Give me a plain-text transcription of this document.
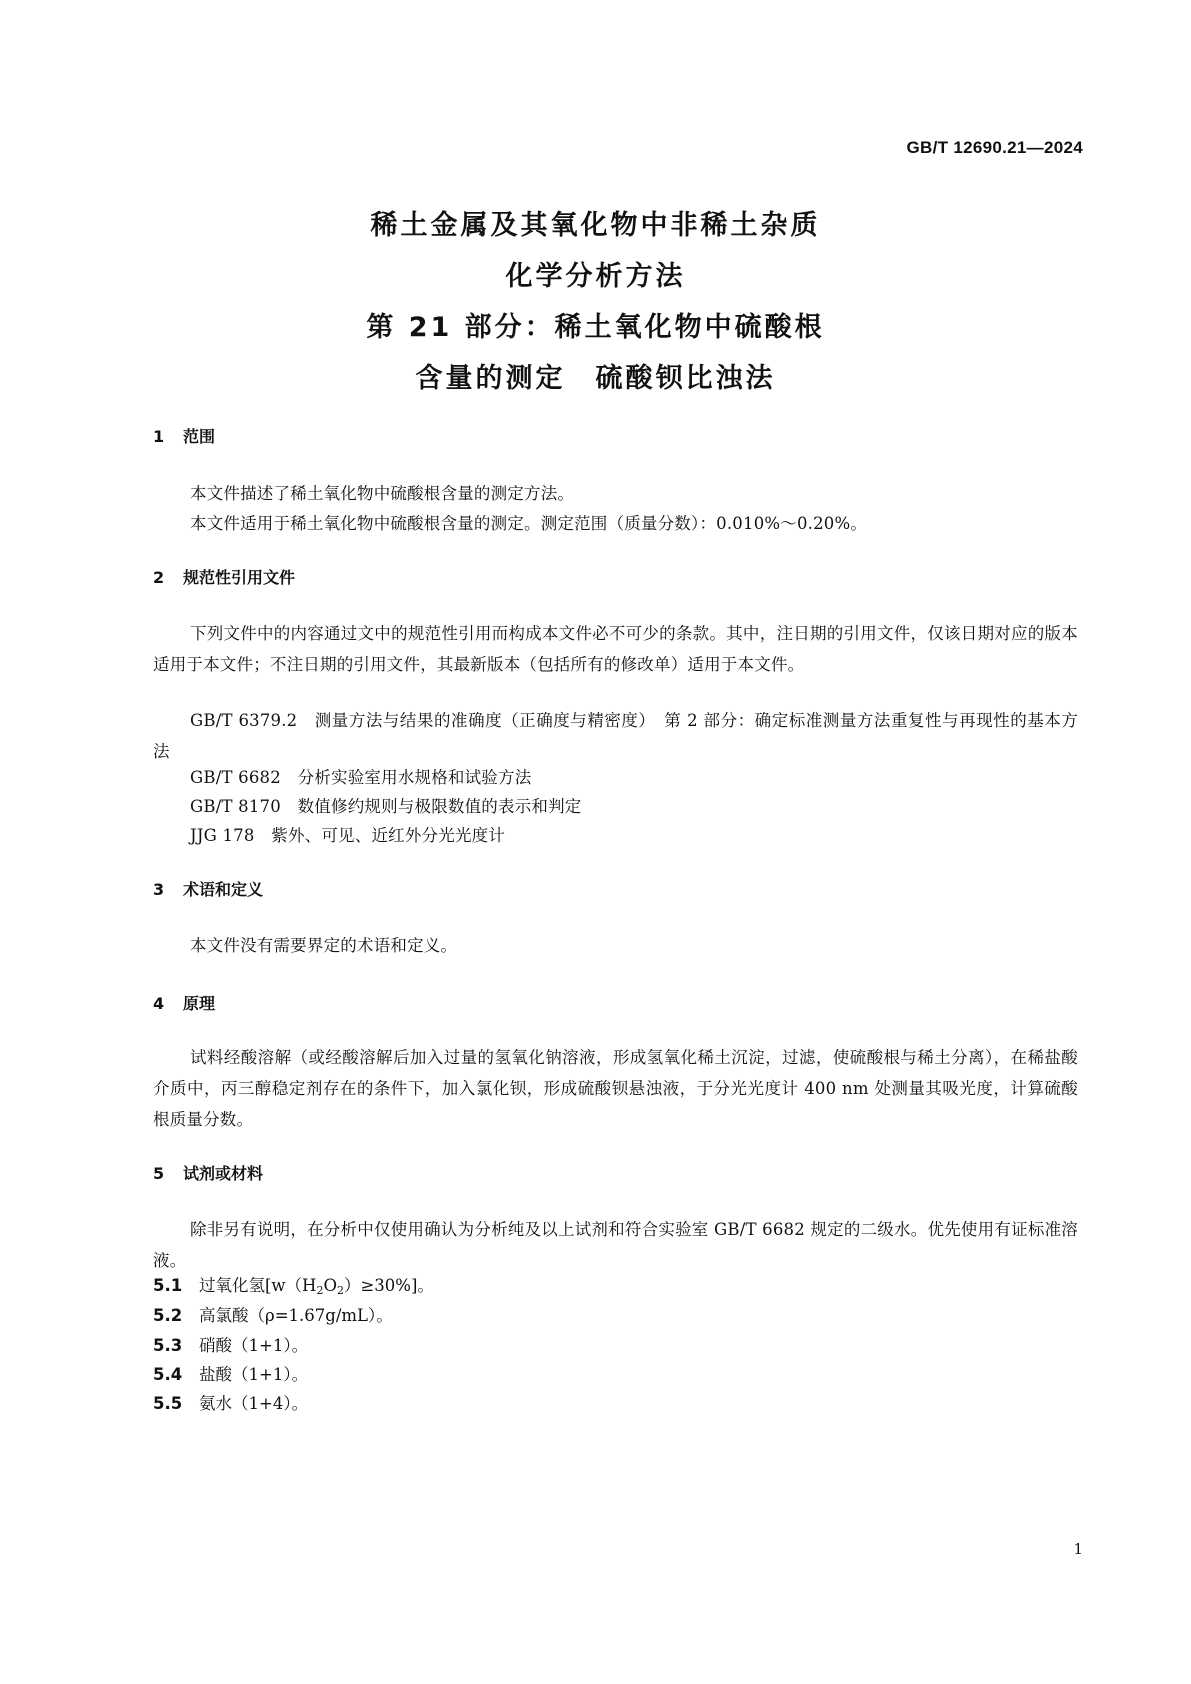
GB/T 12690.21—2024
稀土金属及其氧化物中非稀土杂质
化学分析方法
第 21 部分：稀土氧化物中硫酸根
含量的测定　硫酸钡比浊法
1 范围
本文件描述了稀土氧化物中硫酸根含量的测定方法。
本文件适用于稀土氧化物中硫酸根含量的测定。测定范围（质量分数）：0.010%～0.20%。
2 规范性引用文件
下列文件中的内容通过文中的规范性引用而构成本文件必不可少的条款。其中，注日期的引用文件，仅该日期对应的版本适用于本文件；不注日期的引用文件，其最新版本（包括所有的修改单）适用于本文件。
GB/T 6379.2　测量方法与结果的准确度（正确度与精密度）　第 2 部分：确定标准测量方法重复性与再现性的基本方法
GB/T 6682　分析实验室用水规格和试验方法
GB/T 8170　数值修约规则与极限数值的表示和判定
JJG 178　紫外、可见、近红外分光光度计
3 术语和定义
本文件没有需要界定的术语和定义。
4 原理
试料经酸溶解（或经酸溶解后加入过量的氢氧化钠溶液，形成氢氧化稀土沉淀，过滤，使硫酸根与稀土分离），在稀盐酸介质中，丙三醇稳定剂存在的条件下，加入氯化钡，形成硫酸钡悬浊液，于分光光度计 400 nm 处测量其吸光度，计算硫酸根质量分数。
5 试剂或材料
除非另有说明，在分析中仅使用确认为分析纯及以上试剂和符合实验室 GB/T 6682 规定的二级水。优先使用有证标准溶液。
5.1 过氧化氢$[w(H_2O_2)\ge 30\%]$。
5.2 高氯酸（ρ=1.67g/mL）。
5.3 硝酸（1+1）。
5.4 盐酸（1+1）。
5.5 氨水（1+4）。
1
